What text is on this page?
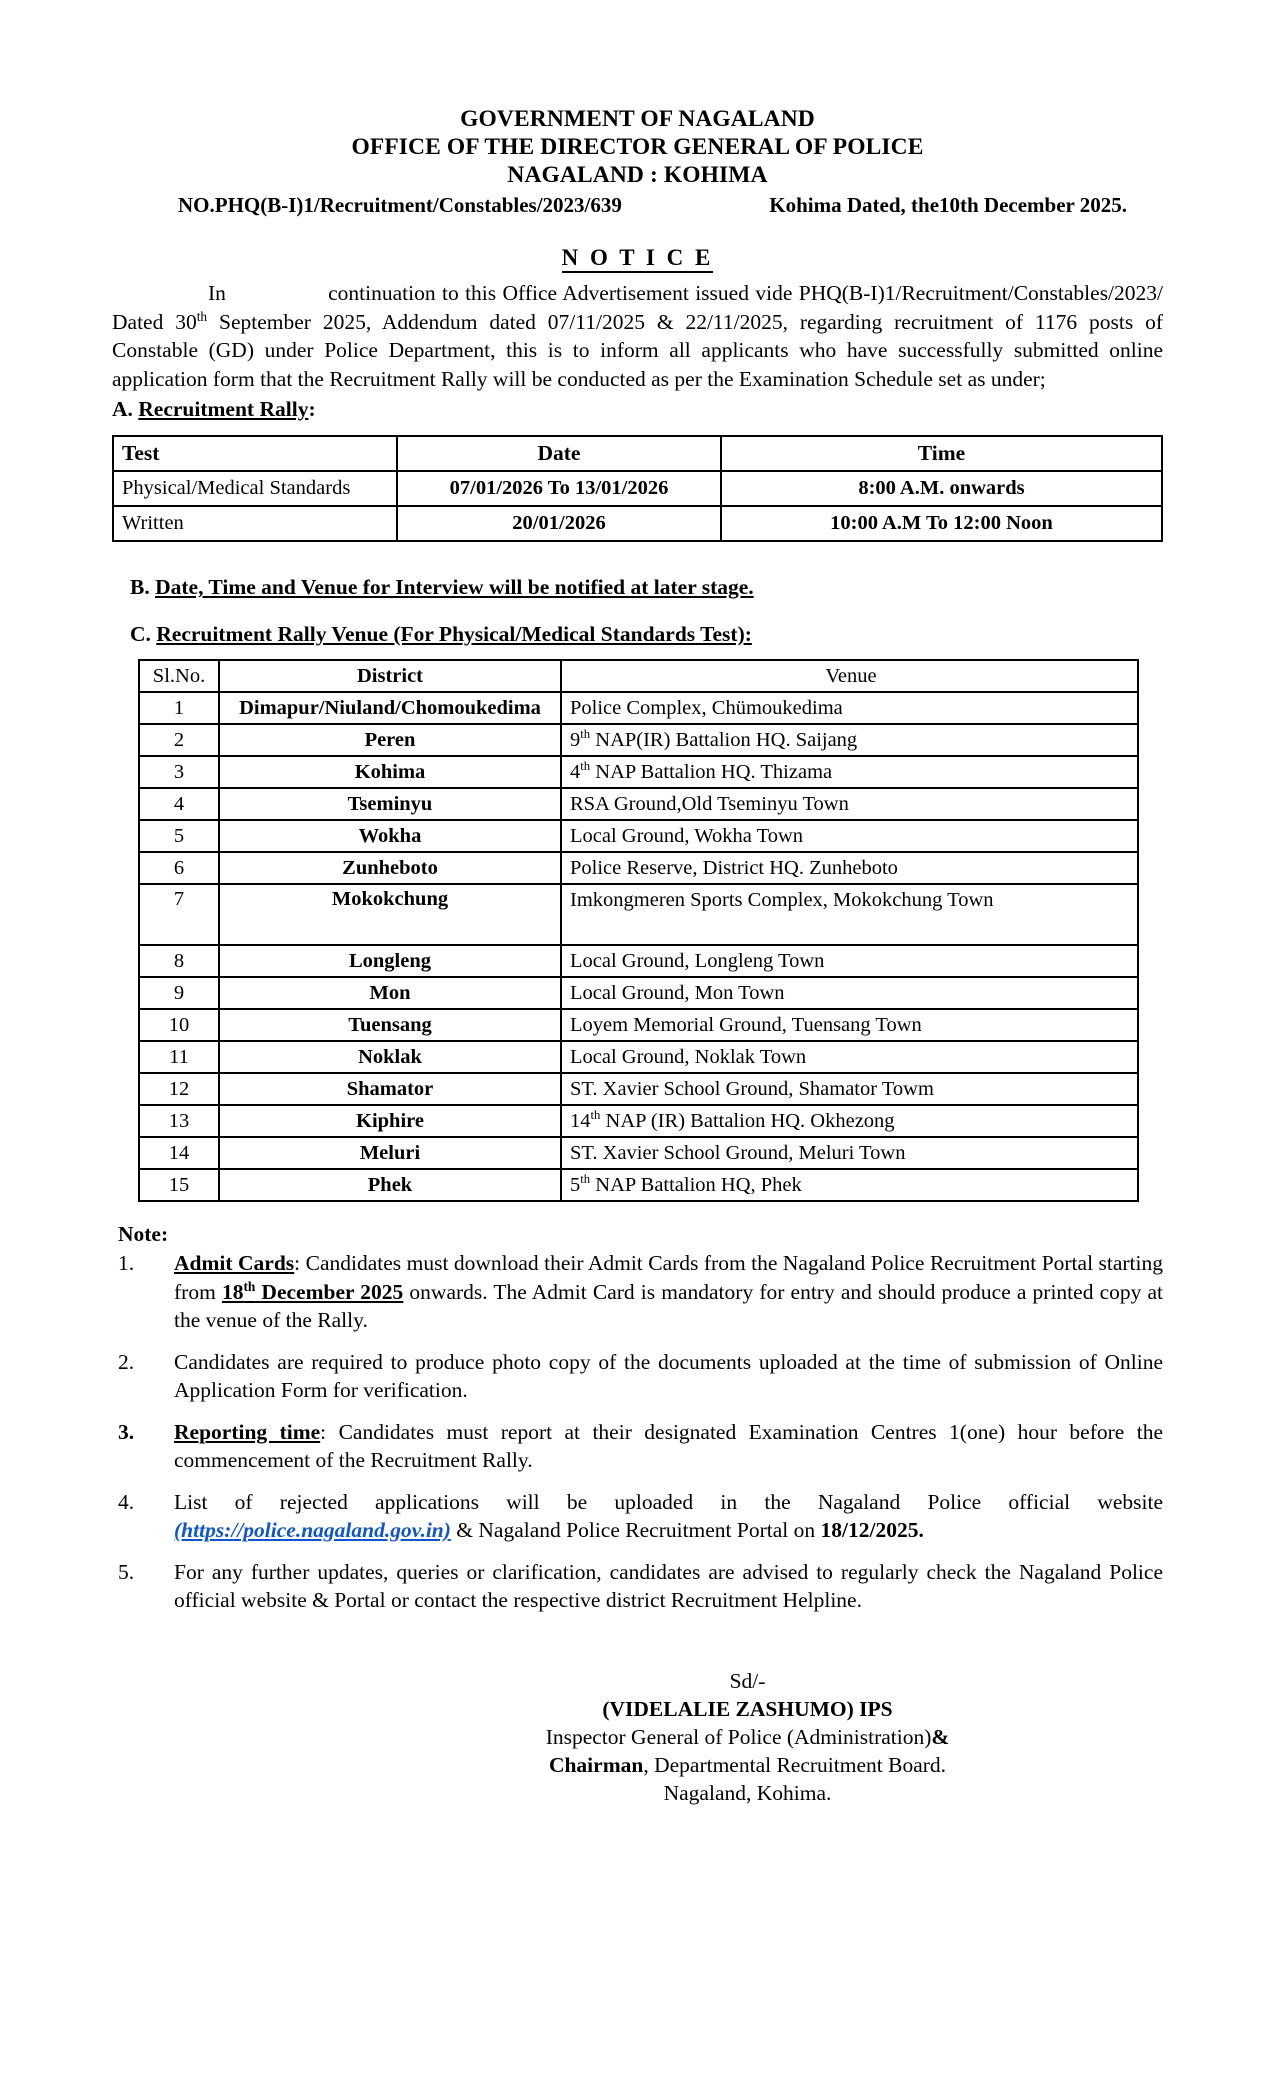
GOVERNMENT OF NAGALAND
OFFICE OF THE DIRECTOR GENERAL OF POLICE
NAGALAND : KOHIMA
NO.PHQ(B-I)1/Recruitment/Constables/2023/639	Kohima Dated, the10th December 2025.
N O T I C E

In	continuation to this Office Advertisement issued vide PHQ(B-I)1/Recruitment/Constables/2023/ Dated 30th September 2025, Addendum dated 07/11/2025 & 22/11/2025, regarding recruitment of 1176 posts of Constable (GD) under Police Department, this is to inform all applicants who have successfully submitted online application form that the Recruitment Rally will be conducted as per the Examination Schedule set as under;

A. Recruitment Rally:
Test	Date	Time
Physical/Medical Standards	07/01/2026 To 13/01/2026	8:00 A.M. onwards
Written	20/01/2026	10:00 A.M To 12:00 Noon
B. Date, Time and Venue for Interview will be notified at later stage.
C. Recruitment Rally Venue (For Physical/Medical Standards Test):
Sl.No.	District	Venue
1	Dimapur/Niuland/Chomoukedima	Police Complex, Chümoukedima
2	Peren	9th NAP(IR) Battalion HQ. Saijang
3	Kohima	4th NAP Battalion HQ. Thizama
4	Tseminyu	RSA Ground,Old Tseminyu Town
5	Wokha	Local Ground, Wokha Town
6	Zunheboto	Police Reserve, District HQ. Zunheboto
7	Mokokchung	Imkongmeren Sports Complex, Mokokchung Town
8	Longleng	Local Ground, Longleng Town
9	Mon	Local Ground, Mon Town
10	Tuensang	Loyem Memorial Ground, Tuensang Town
11	Noklak	Local Ground, Noklak Town
12	Shamator	ST. Xavier School Ground, Shamator Towm
13	Kiphire	14th NAP (IR) Battalion HQ. Okhezong
14	Meluri	ST. Xavier School Ground, Meluri Town
15	Phek	5th NAP Battalion HQ, Phek
Note:
1.	Admit Cards: Candidates must download their Admit Cards from the Nagaland Police Recruitment Portal starting from 18th December 2025 onwards. The Admit Card is mandatory for entry and should produce a printed copy at the venue of the Rally.
2.	Candidates are required to produce photo copy of the documents uploaded at the time of submission of Online Application Form for verification.
3.	Reporting time: Candidates must report at their designated Examination Centres 1(one) hour before the commencement of the Recruitment Rally.
4.	List of rejected applications will be uploaded in the Nagaland Police official website (https://police.nagaland.gov.in) & Nagaland Police Recruitment Portal on 18/12/2025.
5.	For any further updates, queries or clarification, candidates are advised to regularly check the Nagaland Police official website & Portal or contact the respective district Recruitment Helpline.
Sd/-
(VIDELALIE ZASHUMO) IPS
Inspector General of Police (Administration)&
Chairman, Departmental Recruitment Board.
Nagaland, Kohima.
